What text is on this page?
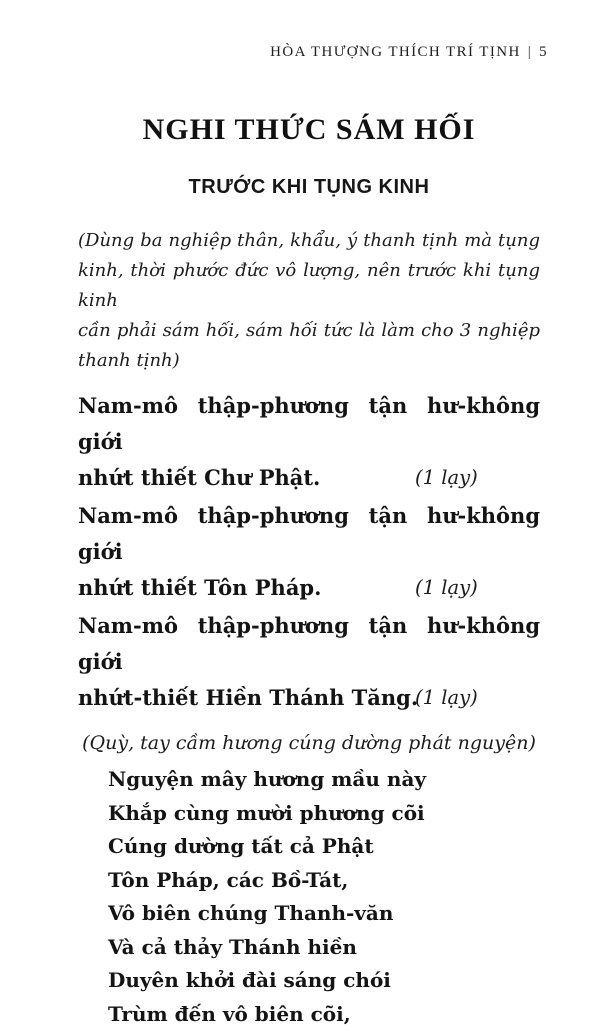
HÒA THƯỢNG THÍCH TRÍ TỊNH | 5
NGHI THỨC SÁM HỐI
TRƯỚC KHI TỤNG KINH
(Dùng ba nghiệp thân, khẩu, ý thanh tịnh mà tụng
kinh, thời phước đức vô lượng, nên trước khi tụng kinh
cần phải sám hối, sám hối tức là làm cho 3 nghiệp
thanh tịnh)
Nam-mô thập-phương tận hư-không giới
nhứt thiết Chư Phật.	(1 lạy)
Nam-mô thập-phương tận hư-không giới
nhứt thiết Tôn Pháp.	(1 lạy)
Nam-mô thập-phương tận hư-không giới
nhứt-thiết Hiền Thánh Tăng.
(1 lạy)
(Quỳ, tay cầm hương cúng dường phát nguyện)
Nguyện mây hương mầu này
Khắp cùng mười phương cõi
Cúng dường tất cả Phật
Tôn Pháp, các Bồ-Tát,
Vô biên chúng Thanh-văn
Và cả thảy Thánh hiền
Duyên khởi đài sáng chói
Trùm đến vô biên cõi,
